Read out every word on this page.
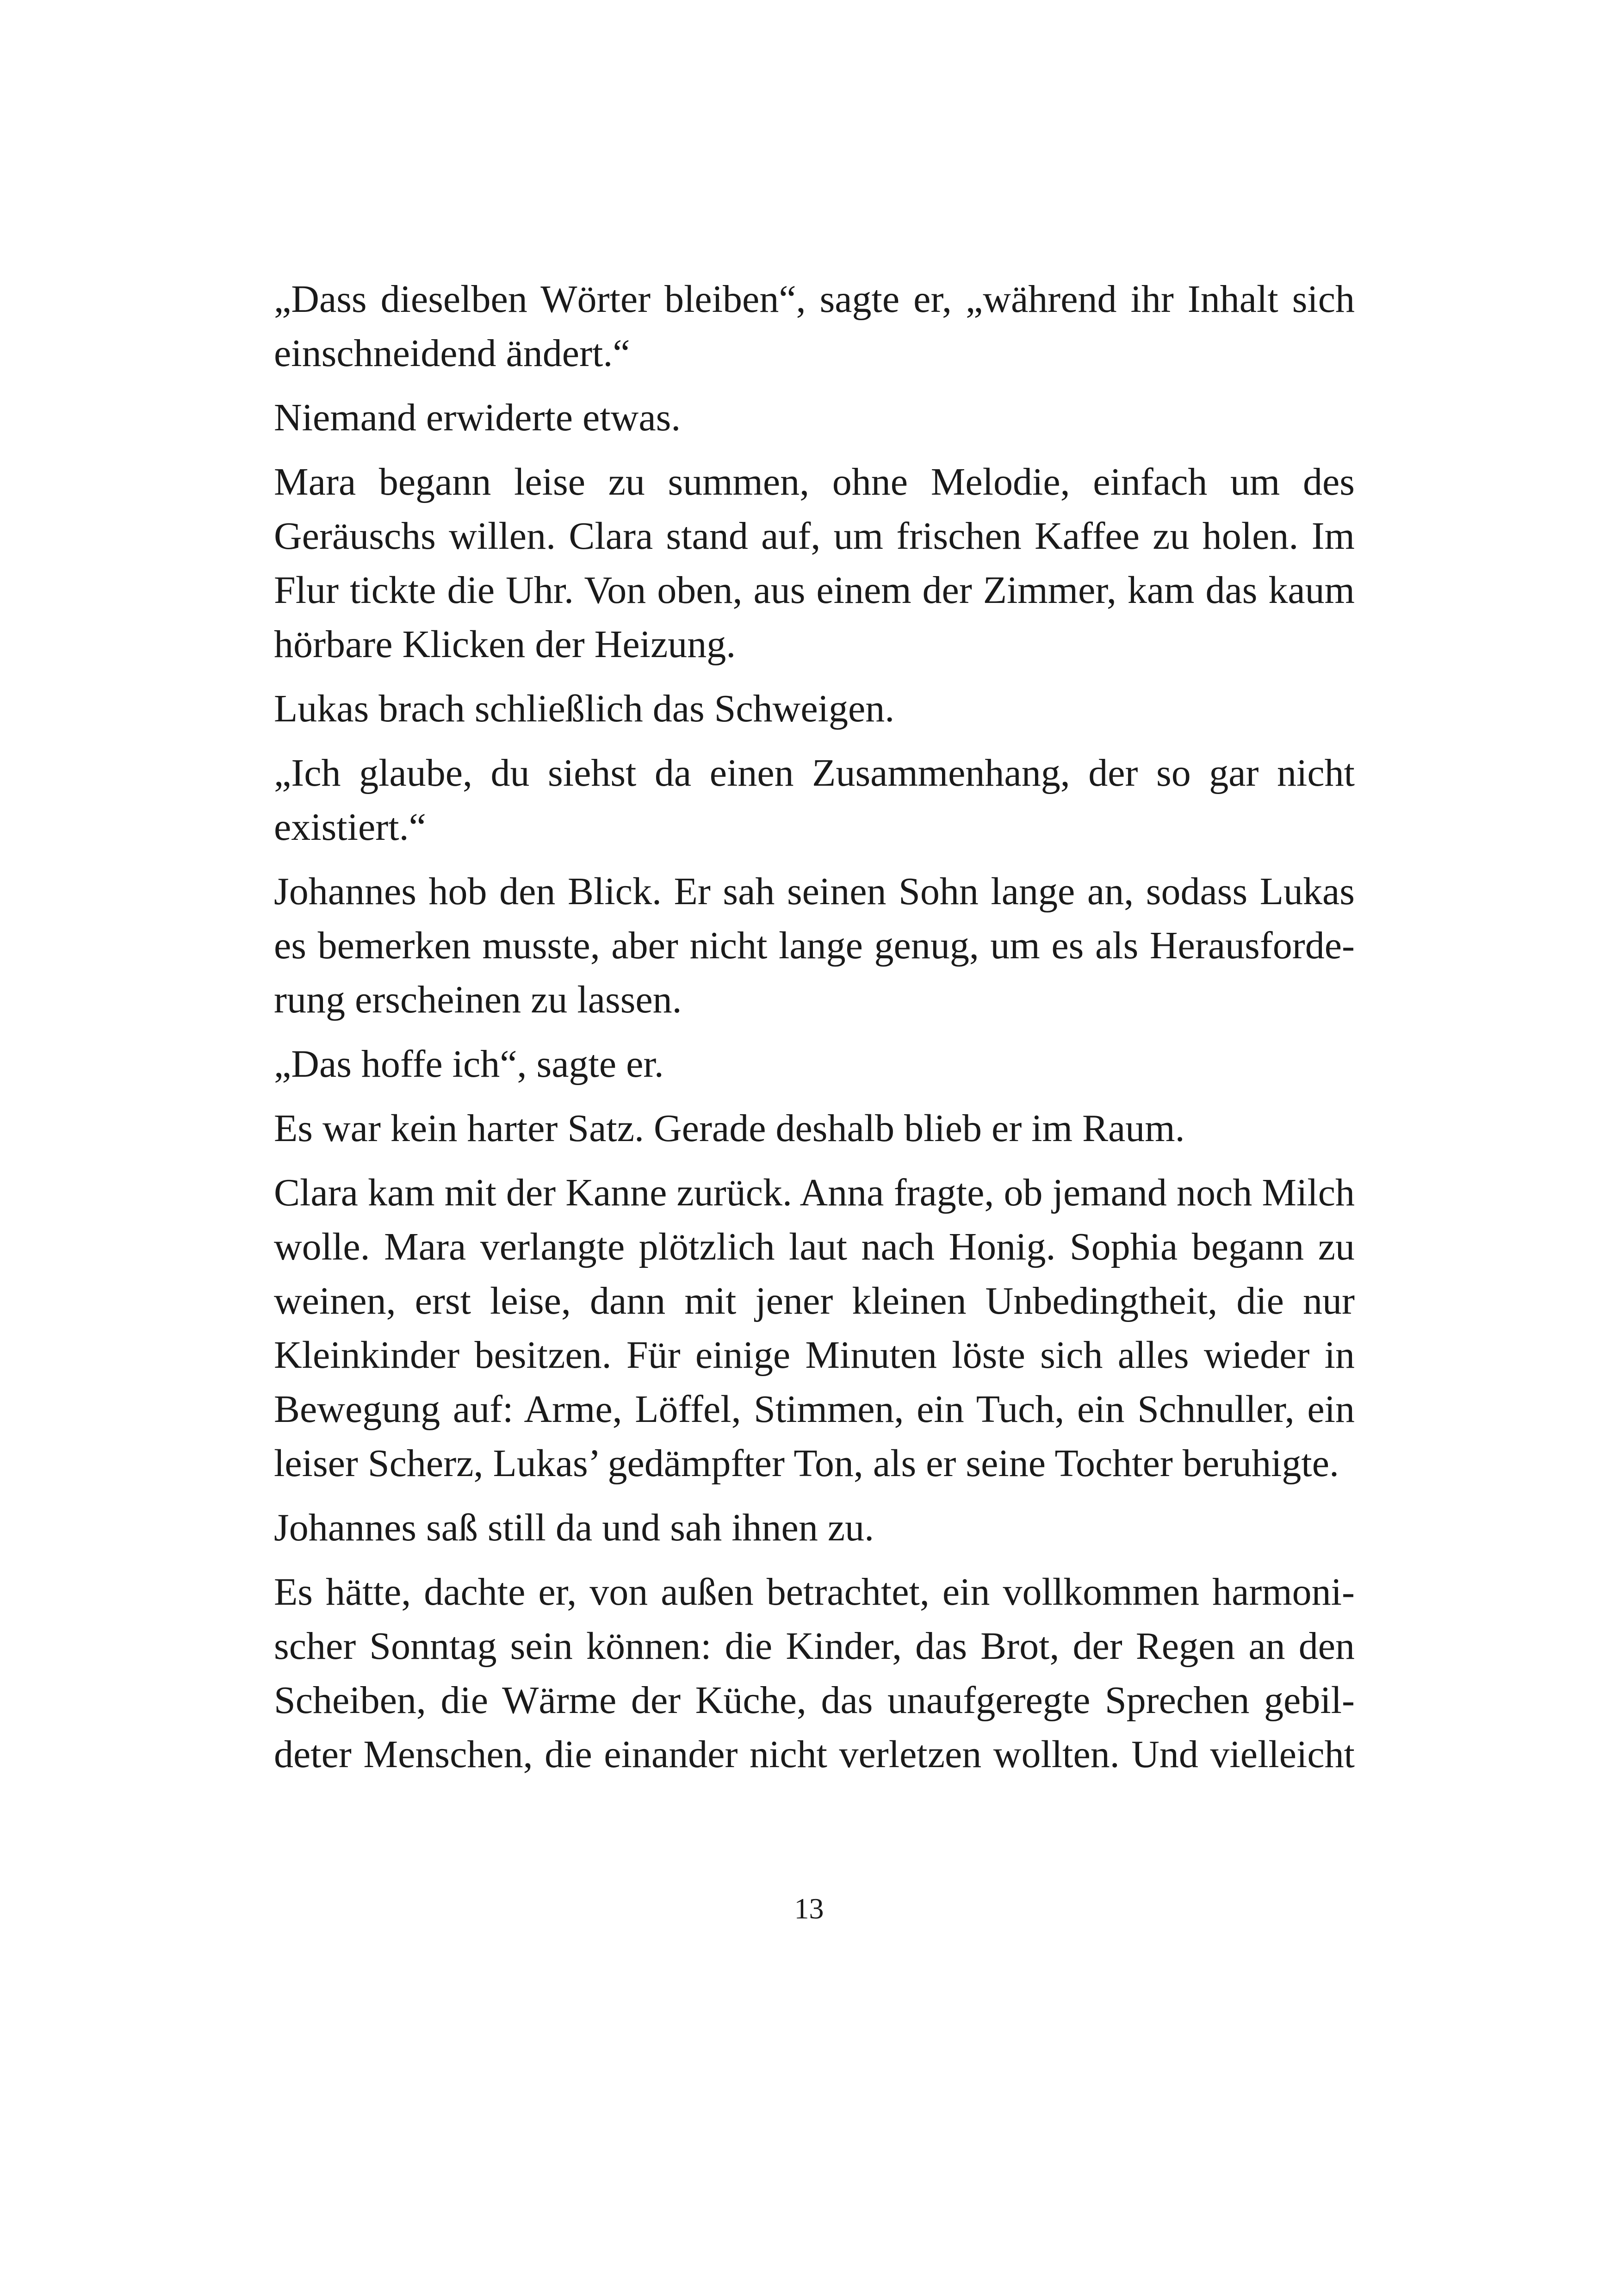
„Dass dieselben Wörter bleiben“, sagte er, „während ihr Inhalt sich einschneidend ändert.“

Niemand erwiderte etwas.

Mara begann leise zu summen, ohne Melodie, einfach um des Geräuschs willen. Clara stand auf, um frischen Kaffee zu holen. Im Flur tickte die Uhr. Von oben, aus einem der Zimmer, kam das kaum hörbare Klicken der Heizung.

Lukas brach schließlich das Schweigen.

„Ich glaube, du siehst da einen Zusammenhang, der so gar nicht existiert.“

Johannes hob den Blick. Er sah seinen Sohn lange an, sodass Lukas es bemerken musste, aber nicht lange genug, um es als Herausforderung erscheinen zu lassen.

„Das hoffe ich“, sagte er.

Es war kein harter Satz. Gerade deshalb blieb er im Raum.

Clara kam mit der Kanne zurück. Anna fragte, ob jemand noch Milch wolle. Mara verlangte plötzlich laut nach Honig. Sophia begann zu weinen, erst leise, dann mit jener kleinen Unbedingtheit, die nur Kleinkinder besitzen. Für einige Minuten löste sich alles wieder in Bewegung auf: Arme, Löffel, Stimmen, ein Tuch, ein Schnuller, ein leiser Scherz, Lukas’ gedämpfter Ton, als er seine Tochter beruhigte.

Johannes saß still da und sah ihnen zu.

Es hätte, dachte er, von außen betrachtet, ein vollkommen harmonischer Sonntag sein können: die Kinder, das Brot, der Regen an den Scheiben, die Wärme der Küche, das unaufgeregte Sprechen gebildeter Menschen, die einander nicht verletzen wollten. Und vielleicht

13
